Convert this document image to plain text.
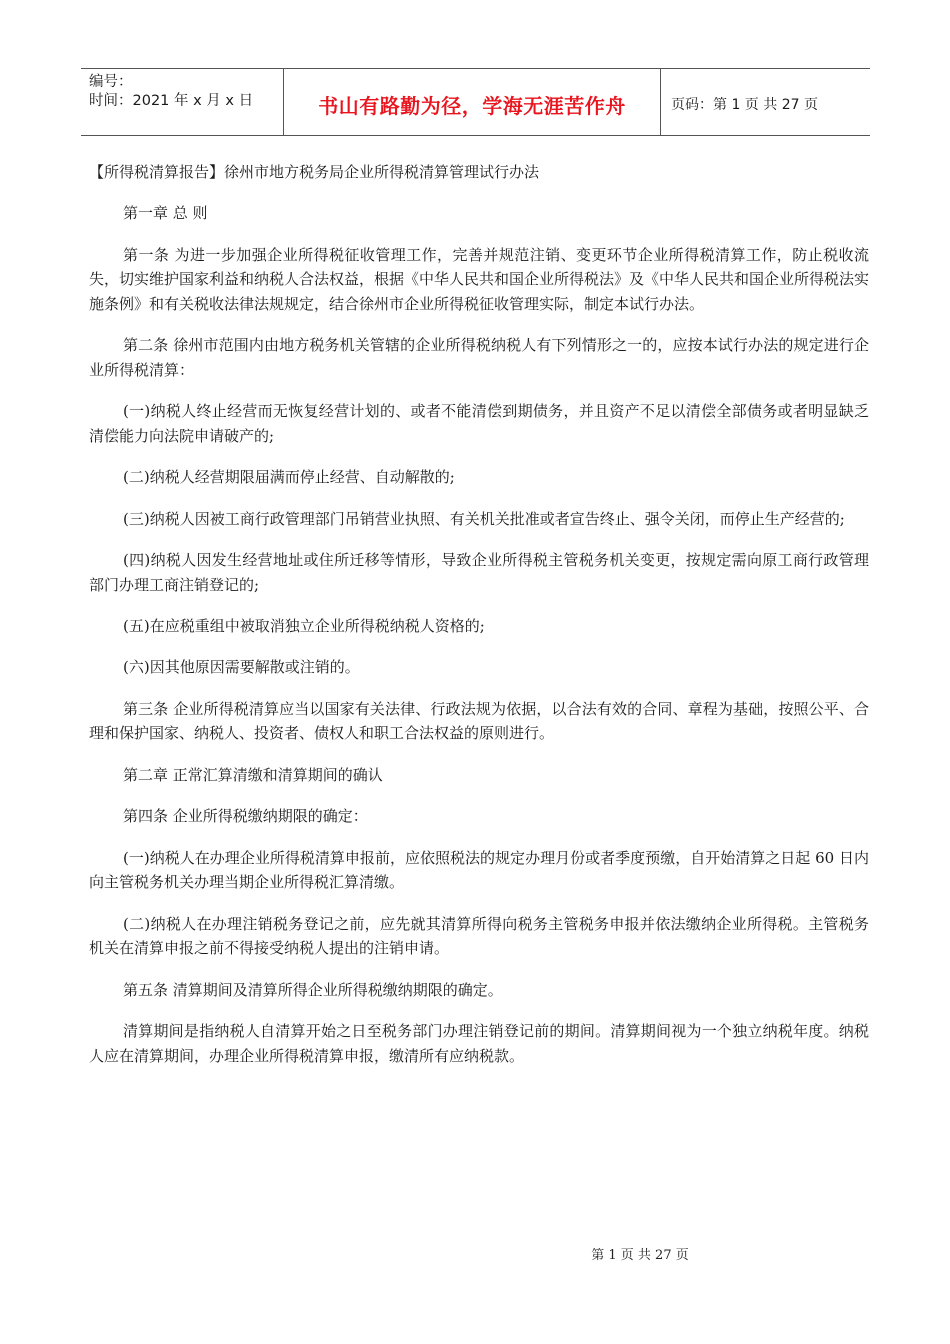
编号：
时间：2021 年 x 月 x 日	书山有路勤为径，学海无涯苦作舟	页码：第 1 页 共 27 页

【所得税清算报告】徐州市地方税务局企业所得税清算管理试行办法

第一章 总 则

第一条 为进一步加强企业所得税征收管理工作，完善并规范注销、变更环节企业所得税清算工作，防止税收流失，切实维护国家利益和纳税人合法权益，根据《中华人民共和国企业所得税法》及《中华人民共和国企业所得税法实施条例》和有关税收法律法规规定，结合徐州市企业所得税征收管理实际，制定本试行办法。

第二条 徐州市范围内由地方税务机关管辖的企业所得税纳税人有下列情形之一的，应按本试行办法的规定进行企业所得税清算：

(一)纳税人终止经营而无恢复经营计划的、或者不能清偿到期债务，并且资产不足以清偿全部债务或者明显缺乏清偿能力向法院申请破产的;

(二)纳税人经营期限届满而停止经营、自动解散的;

(三)纳税人因被工商行政管理部门吊销营业执照、有关机关批准或者宣告终止、强令关闭，而停止生产经营的;

(四)纳税人因发生经营地址或住所迁移等情形，导致企业所得税主管税务机关变更，按规定需向原工商行政管理部门办理工商注销登记的;

(五)在应税重组中被取消独立企业所得税纳税人资格的;

(六)因其他原因需要解散或注销的。

第三条 企业所得税清算应当以国家有关法律、行政法规为依据，以合法有效的合同、章程为基础，按照公平、合理和保护国家、纳税人、投资者、债权人和职工合法权益的原则进行。

第二章 正常汇算清缴和清算期间的确认

第四条 企业所得税缴纳期限的确定：

(一)纳税人在办理企业所得税清算申报前，应依照税法的规定办理月份或者季度预缴，自开始清算之日起 60 日内向主管税务机关办理当期企业所得税汇算清缴。

(二)纳税人在办理注销税务登记之前，应先就其清算所得向税务主管税务申报并依法缴纳企业所得税。主管税务机关在清算申报之前不得接受纳税人提出的注销申请。

第五条 清算期间及清算所得企业所得税缴纳期限的确定。

清算期间是指纳税人自清算开始之日至税务部门办理注销登记前的期间。清算期间视为一个独立纳税年度。纳税人应在清算期间，办理企业所得税清算申报，缴清所有应纳税款。

第 1 页 共 27 页
